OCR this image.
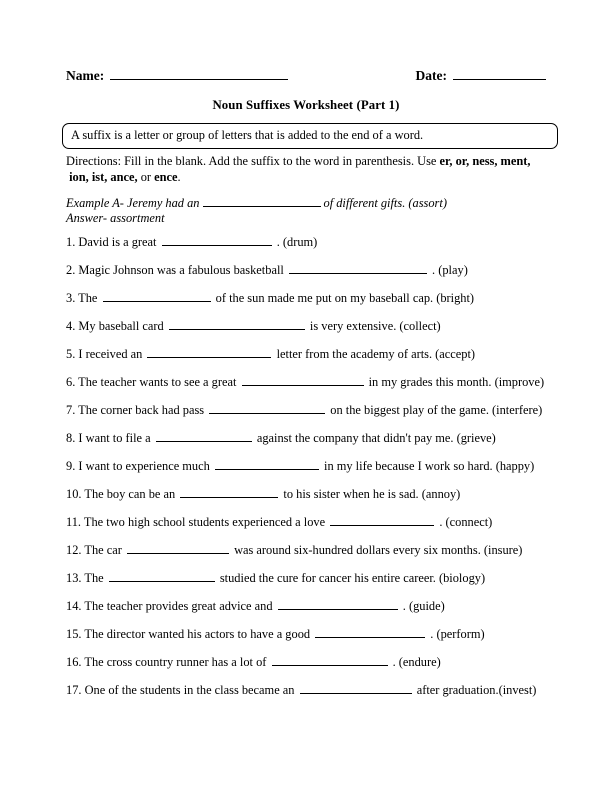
Name:	Date:
Noun Suffixes Worksheet (Part 1)
A suffix is a letter or group of letters that is added to the end of a word.
Directions: Fill in the blank. Add the suffix to the word in parenthesis. Use er, or, ness, ment, ion, ist, ance, or ence.
Example A- Jeremy had an	of different gifts. (assort)
Answer- assortment
1. David is a great	. (drum)
2. Magic Johnson was a fabulous basketball	. (play)
3. The	of the sun made me put on my baseball cap. (bright)
4. My baseball card	is very extensive. (collect)
5. I received an	letter from the academy of arts. (accept)
6. The teacher wants to see a great	in my grades this month. (improve)
7. The corner back had pass	on the biggest play of the game. (interfere)
8. I want to file a	against the company that didn't pay me. (grieve)
9. I want to experience much	in my life because I work so hard. (happy)
10. The boy can be an	to his sister when he is sad. (annoy)
11. The two high school students experienced a love	. (connect)
12. The car	was around six-hundred dollars every six months. (insure)
13. The	studied the cure for cancer his entire career. (biology)
14. The teacher provides great advice and	. (guide)
15. The director wanted his actors to have a good	. (perform)
16. The cross country runner has a lot of	. (endure)
17. One of the students in the class became an	after graduation.(invest)
